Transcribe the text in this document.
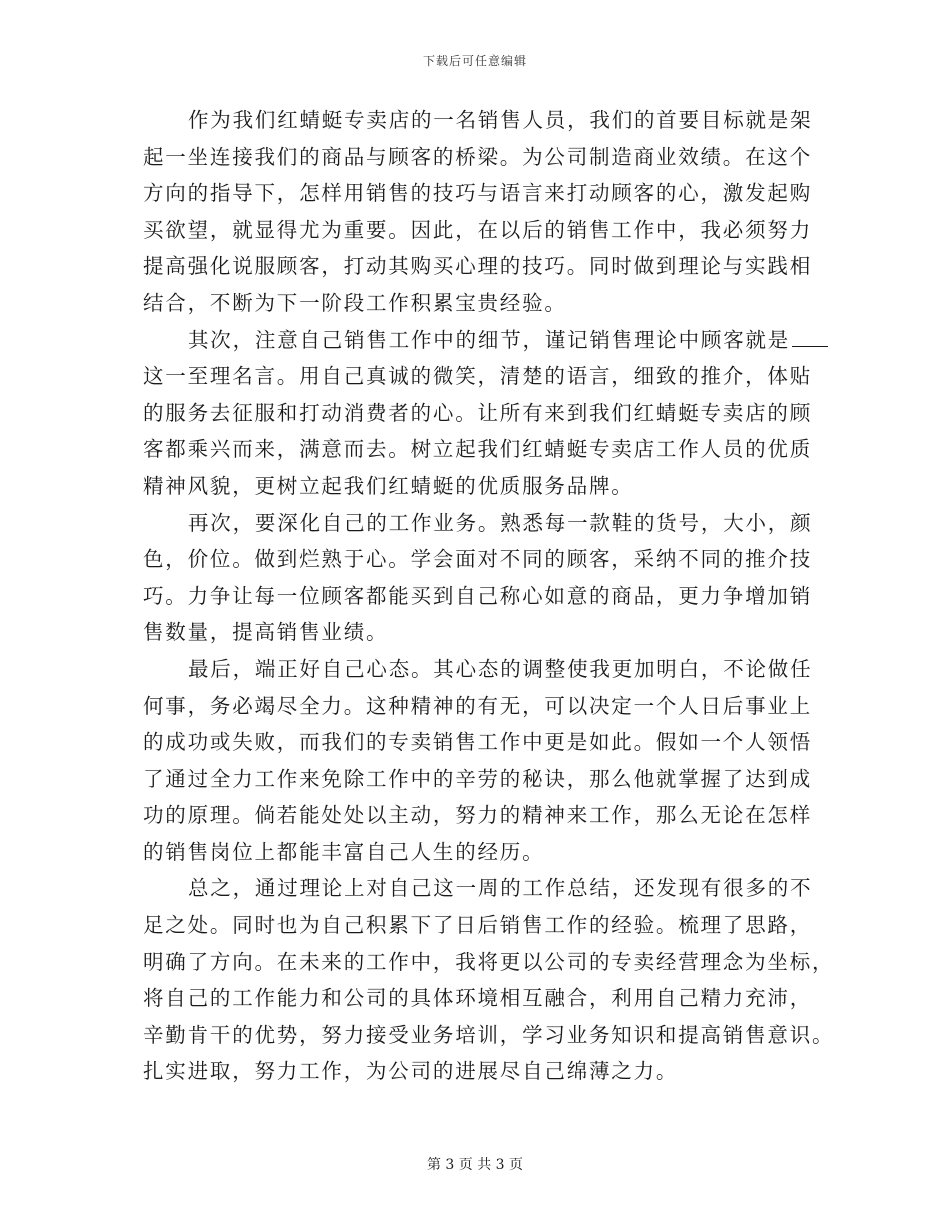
下载后可任意编辑
作为我们红蜻蜓专卖店的一名销售人员，我们的首要目标就是架
起一坐连接我们的商品与顾客的桥梁。为公司制造商业效绩。在这个
方向的指导下，怎样用销售的技巧与语言来打动顾客的心，激发起购
买欲望，就显得尤为重要。因此，在以后的销售工作中，我必须努力
提高强化说服顾客，打动其购买心理的技巧。同时做到理论与实践相
结合，不断为下一阶段工作积累宝贵经验。
其次，注意自己销售工作中的细节，谨记销售理论中顾客就是
这一至理名言。用自己真诚的微笑，清楚的语言，细致的推介，体贴
的服务去征服和打动消费者的心。让所有来到我们红蜻蜓专卖店的顾
客都乘兴而来，满意而去。树立起我们红蜻蜓专卖店工作人员的优质
精神风貌，更树立起我们红蜻蜓的优质服务品牌。
再次，要深化自己的工作业务。熟悉每一款鞋的货号，大小，颜
色，价位。做到烂熟于心。学会面对不同的顾客，采纳不同的推介技
巧。力争让每一位顾客都能买到自己称心如意的商品，更力争增加销
售数量，提高销售业绩。
最后，端正好自己心态。其心态的调整使我更加明白，不论做任
何事，务必竭尽全力。这种精神的有无，可以决定一个人日后事业上
的成功或失败，而我们的专卖销售工作中更是如此。假如一个人领悟
了通过全力工作来免除工作中的辛劳的秘诀，那么他就掌握了达到成
功的原理。倘若能处处以主动，努力的精神来工作，那么无论在怎样
的销售岗位上都能丰富自己人生的经历。
总之，通过理论上对自己这一周的工作总结，还发现有很多的不
足之处。同时也为自己积累下了日后销售工作的经验。梳理了思路，
明确了方向。在未来的工作中，我将更以公司的专卖经营理念为坐标，
将自己的工作能力和公司的具体环境相互融合，利用自己精力充沛，
辛勤肯干的优势，努力接受业务培训，学习业务知识和提高销售意识。
扎实进取，努力工作，为公司的进展尽自己绵薄之力。
第 3 页 共 3 页
